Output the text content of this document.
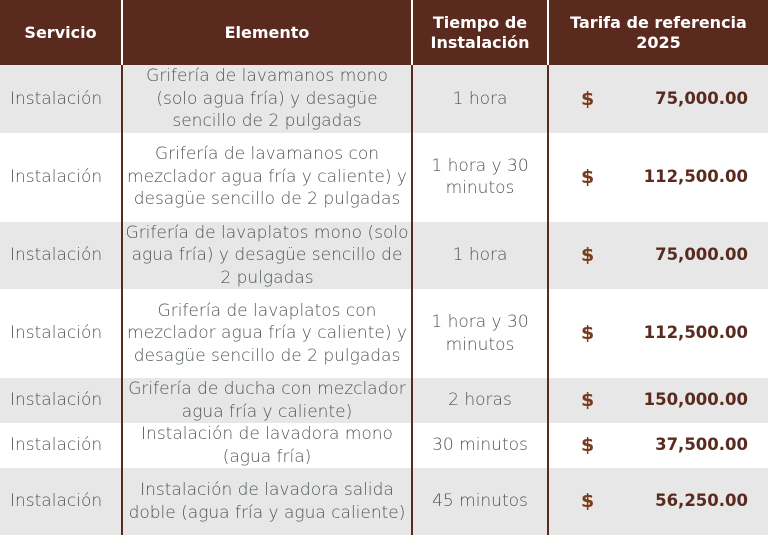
Servicio	Elemento	Tiempo de Instalación	Tarifa de referencia 2025
Instalación	Grifería de lavamanos mono (solo agua fría) y desagüe sencillo de 2 pulgadas	1 hora	$ 75,000.00

Instalación	Grifería de lavamanos con mezclador agua fría y caliente) y desagüe sencillo de 2 pulgadas	1 hora y 30 minutos	$ 112,500.00

Instalación	Grifería de lavaplatos mono (solo agua fría) y desagüe sencillo de 2 pulgadas	1 hora	$ 75,000.00

Instalación	Grifería de lavaplatos con mezclador agua fría y caliente) y desagüe sencillo de 2 pulgadas	1 hora y 30 minutos	$ 112,500.00

Instalación	Grifería de ducha con mezclador agua fría y caliente)	2 horas	$ 150,000.00

Instalación	Instalación de lavadora mono (agua fría)	30 minutos	$ 37,500.00

Instalación	Instalación de lavadora salida doble (agua fría y agua caliente)	45 minutos	$ 56,250.00
